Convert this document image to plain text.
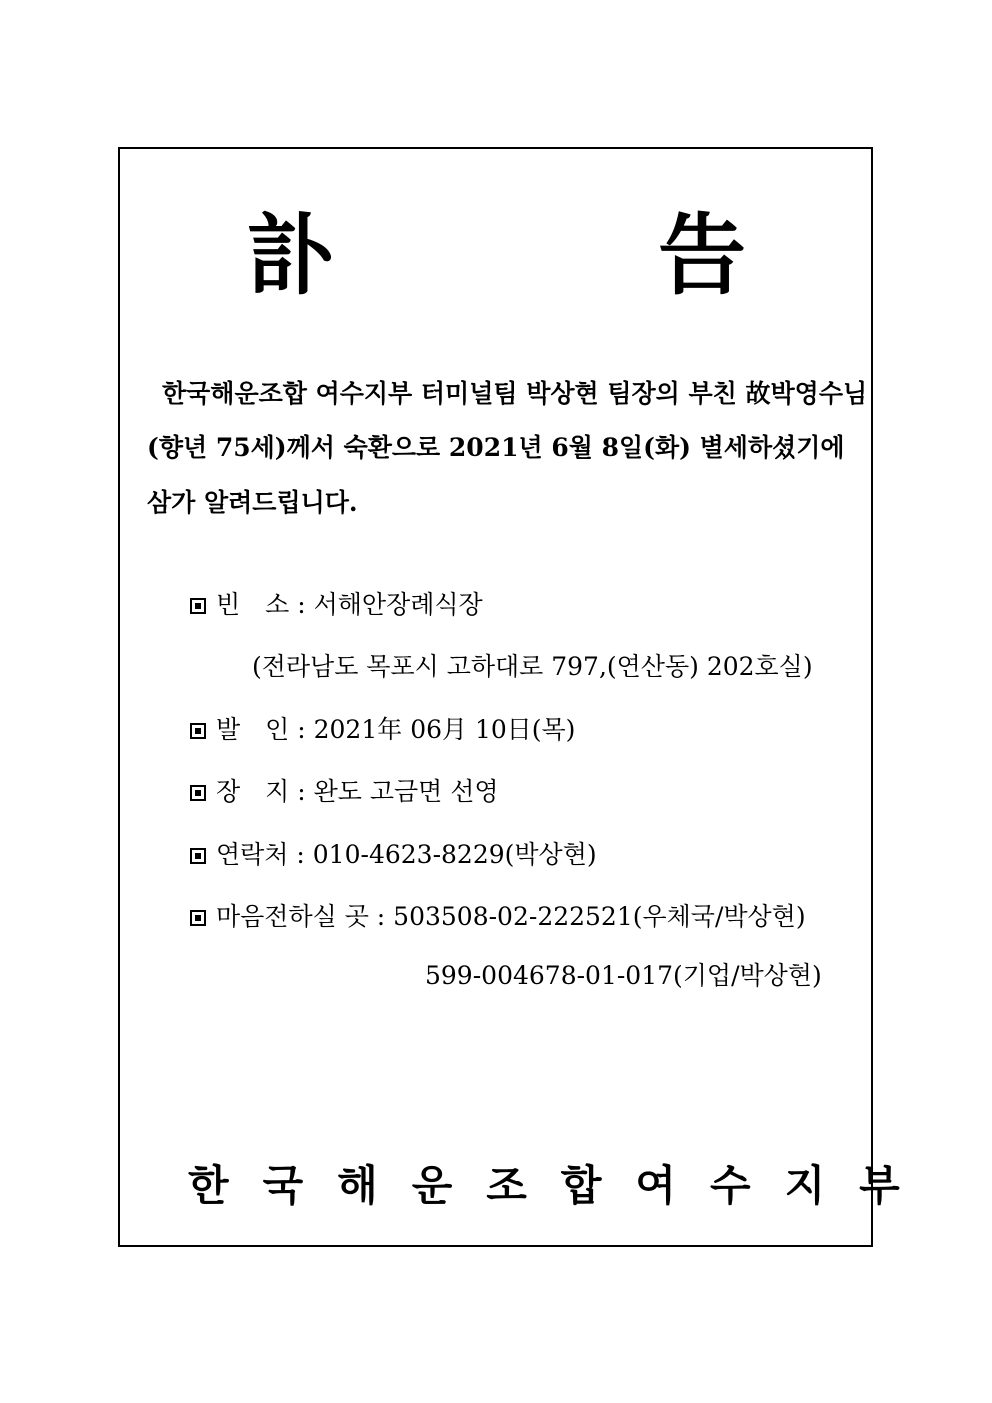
訃　告
한국해운조합 여수지부 터미널팀 박상현 팀장의 부친 故박영수님
(향년 75세)께서 숙환으로 2021년 6월 8일(화) 별세하셨기에
삼가 알려드립니다.
빈　소 : 서해안장례식장
(전라남도 목포시 고하대로 797,(연산동) 202호실)
발　인 : 2021年 06月 10日(목)
장　지 : 완도 고금면 선영
연락처 : 010-4623-8229(박상현)
마음전하실 곳 : 503508-02-222521(우체국/박상현)
599-004678-01-017(기업/박상현)
한국해운조합여수지부
